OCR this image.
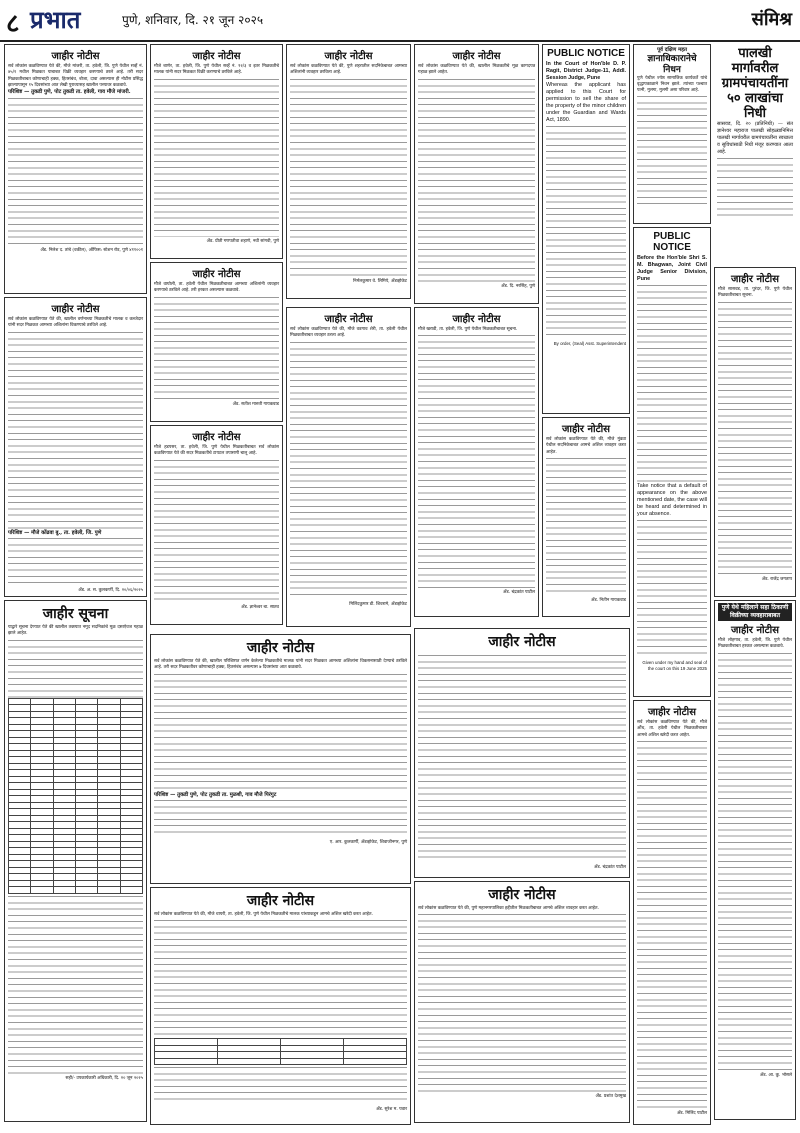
८ प्रभात	पुणे, शनिवार, दि. २१ जून २०२५	संमिश्र
जाहीर नोटीस
सर्व लोकांस कळविण्यात येते की, मौजे मांजरी, ता. हवेली, जि. पुणे येथील सर्व्हे नं. ४५/१ मधील मिळकत याबाबत विक्री व्यवहार करण्याचे ठरले आहे. तरी सदर मिळकतीबाबत कोणाचाही हक्क, हितसंबंध, बोजा, दावा असल्यास ही नोटीस प्रसिद्ध झाल्यापासून १५ दिवसांच्या आत लेखी पुराव्यासह खालील पत्त्यावर कळवावे.
परिशिष्ट — तुकडी पुणे, पोट तुकडी ता. हवेली, गाव मौजे मांजरी.
ॲड. निलेश द. तांबे (वकील), ऑफिस: स्टेशन रोड, पुणे ४११००१
जाहीर नोटीस
सर्व लोकांस कळविण्यात येते की, खालील वर्णनाच्या मिळकतीचे मालक व कब्जेदार यांनी सदर मिळकत आमच्या अशिलांना विकण्याचे ठरविले आहे.
परिशिष्ट — मौजे कोंढवा बु., ता. हवेली, जि. पुणे
ॲड. अ. स. कुलकर्णी, दि. २०/०६/२०२५
जाहीर सूचना
याद्वारे सूचना देण्यात येते की खालील तक्त्यात नमूद सदनिकांचे मूळ दस्तऐवज गहाळ झाले आहेत.

सही/- उपकार्यकारी अधिकारी, दि. २० जून २०२५
जाहीर नोटीस
मौजे बाणेर, ता. हवेली, जि. पुणे येथील सर्व्हे नं. १२/३ व इतर मिळकतीचे मालक यांनी सदर मिळकत विक्री करण्याचे ठरविले आहे.
ॲड. प्रीती गणपतीवा शहाणे, नवी सांगवी, पुणे
जाहीर नोटीस
मौजे वाघोली, ता. हवेली येथील मिळकतीबाबत आमच्या अशिलांनी व्यवहार करण्याचे ठरविले आहे. तरी हरकत असल्यास कळवावे.
ॲड. सतीश मारुती गायकवाड
जाहीर नोटीस
मौजे हडपसर, ता. हवेली, जि. पुणे येथील मिळकतीबाबत सर्व लोकांस कळविण्यात येते की सदर मिळकतीचे टायटल तपासणी चालू आहे.
ॲड. ज्ञानेश्वर बा. सातव
जाहीर नोटीस
सर्व लोकांस कळविण्यात येते की, पुणे शहरातील सदनिकेबाबत आमच्या अशिलांनी व्यवहार ठरविला आहे.
निर्मलकुमार वे. लिमिये, ॲडव्होकेट
जाहीर नोटीस
सर्व लोकांस कळविण्यात येते की, खालील परिशिष्टात वर्णन केलेल्या मिळकतीचे मालक यांनी सदर मिळकत आमच्या अशिलांना विकसनासाठी देण्याचे ठरविले आहे. तरी सदर मिळकतीवर कोणाचाही हक्क, हितसंबंध असल्यास ७ दिवसांच्या आत कळवावे.
परिशिष्ट — तुकडी पुणे, पोट तुकडी ता. मुळशी, गाव मौजे पिरंगुट
ए. आर. कुलकर्णी, ॲडव्होकेट, शिवाजीनगर, पुणे
जाहीर नोटीस
सर्व लोकांस कळविण्यात येते की, मौजे धायरी, ता. हवेली, जि. पुणे येथील मिळकतीचे मालक यांच्याकडून आमचे अशिल खरेदी करत आहेत.

ॲड. सुरेश म. पवार
जाहीर नोटीस
सर्व लोकांस कळविण्यात येते की, मौजे वडगाव शेरी, ता. हवेली येथील मिळकतीबाबत व्यवहार ठरला आहे.
मिलिंदकुमार डी. शिवरामे, ॲडव्होकेट
जाहीर नोटीस
सर्व लोकांस कळविण्यात येते की, खालील मिळकतीचे मूळ कागदपत्र गहाळ झाले आहेत.
ॲड. दि. नरसिंह, पुणे
जाहीर नोटीस
मौजे खराडी, ता. हवेली, जि. पुणे येथील मिळकतीबाबत सूचना.
ॲड. चंद्रकांत पाटील
PUBLIC NOTICE
In the Court of Hon'ble D. P. Ragit, District Judge-11, Addl. Session Judge, Pune
Whereas the applicant has applied to this Court for permission to sell the share of the property of the minor children under the Guardian and Wards Act, 1890.
By order, (Seal) Asst. Superintendent
जाहीर नोटीस
सर्व लोकांस कळविण्यात येते की, मौजे मुंढवा येथील सदनिकेबाबत आमचे अशिल व्यवहार करत आहेत.
ॲड. नितीन गायकवाड
जाहीर नोटीस
ॲड. चंद्रकांत पाटील
जाहीर नोटीस
सर्व लोकांस कळविण्यात येते की, पुणे महानगरपालिका हद्दीतील मिळकतीबाबत आमचे अशिल व्यवहार करत आहेत.
ॲड. प्रशांत देशमुख
पूर्व दक्षिण महत
ज्ञानाधिकारानेचे निधन
पुणे येथील ज्येष्ठ सामाजिक कार्यकर्ते यांचे वृद्धापकाळाने निधन झाले. त्यांच्या पश्चात पत्नी, मुलगा, मुलगी असा परिवार आहे.
PUBLIC NOTICE
Before the Hon'ble Shri S. M. Bhagwan, Joint Civil Judge Senior Division, Pune
Take notice that a default of appearance on the above mentioned date, the case will be heard and determined in your absence.
Given under my hand and seal of the court on this 19 June 2025
जाहीर नोटीस
सर्व लोकांस कळविण्यात येते की, मौजे औंध, ता. हवेली येथील मिळकतीबाबत आमचे अशिल खरेदी करत आहेत.
ॲड. मिलिंद पाटील
पालखी मार्गावरील ग्रामपंचायतींना ५० लाखांचा निधी
सासवड, दि. २० (प्रतिनिधी) — संत ज्ञानेश्वर महाराज पालखी सोहळ्यानिमित्त पालखी मार्गावरील ग्रामपंचायतींना स्वच्छता व सुविधांसाठी निधी मंजूर करण्यात आला आहे.
जाहीर नोटीस
मौजे सासवड, ता. पुरंदर, जि. पुणे येथील मिळकतीबाबत सूचना.
ॲड. राजेंद्र जगताप
पुणे येथे महिलाने सहा ठिकाणी विक्रीच्या व्यवहाराबाबत
जाहीर नोटीस
मौजे लोहगाव, ता. हवेली, जि. पुणे येथील मिळकतीबाबत हरकत असल्यास कळवावे.
ॲड. आ. कु. भोसले
